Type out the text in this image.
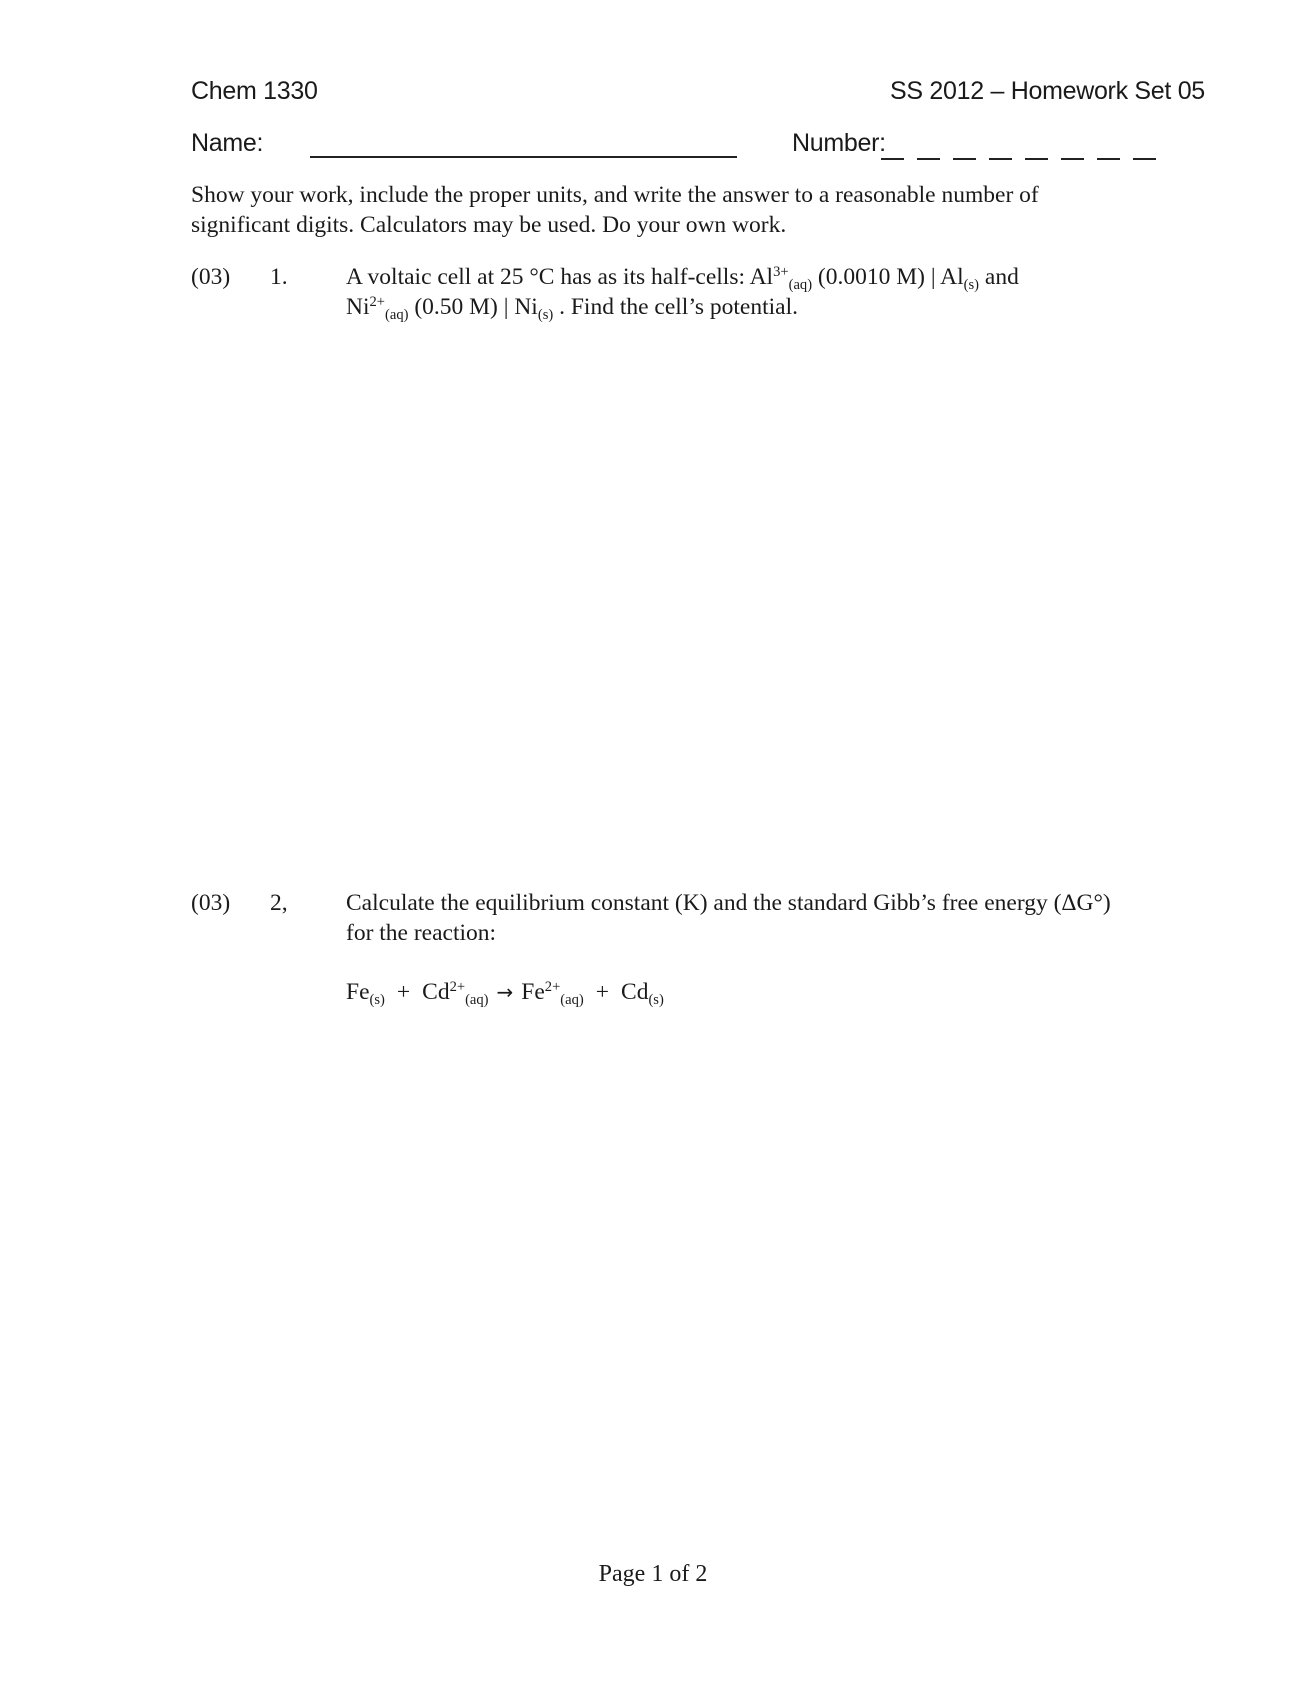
Chem 1330	SS 2012 – Homework Set 05
Name:	Number:
Show your work, include the proper units, and write the answer to a reasonable number of
significant digits. Calculators may be used. Do your own work.
(03) 1. A voltaic cell at 25 °C has as its half-cells: $Al^{3+}_{(aq)}$ (0.0010 M) | $Al_{(s)}$ and
$Ni^{2+}_{(aq)}$ (0.50 M) | $Ni_{(s)}$ . Find the cell’s potential.
(03) 2, Calculate the equilibrium constant (K) and the standard Gibb’s free energy (ΔG°)
for the reaction:
$Fe_{(s)} + Cd^{2+}_{(aq)} \to Fe^{2+}_{(aq)} + Cd_{(s)}$
Page 1 of 2
